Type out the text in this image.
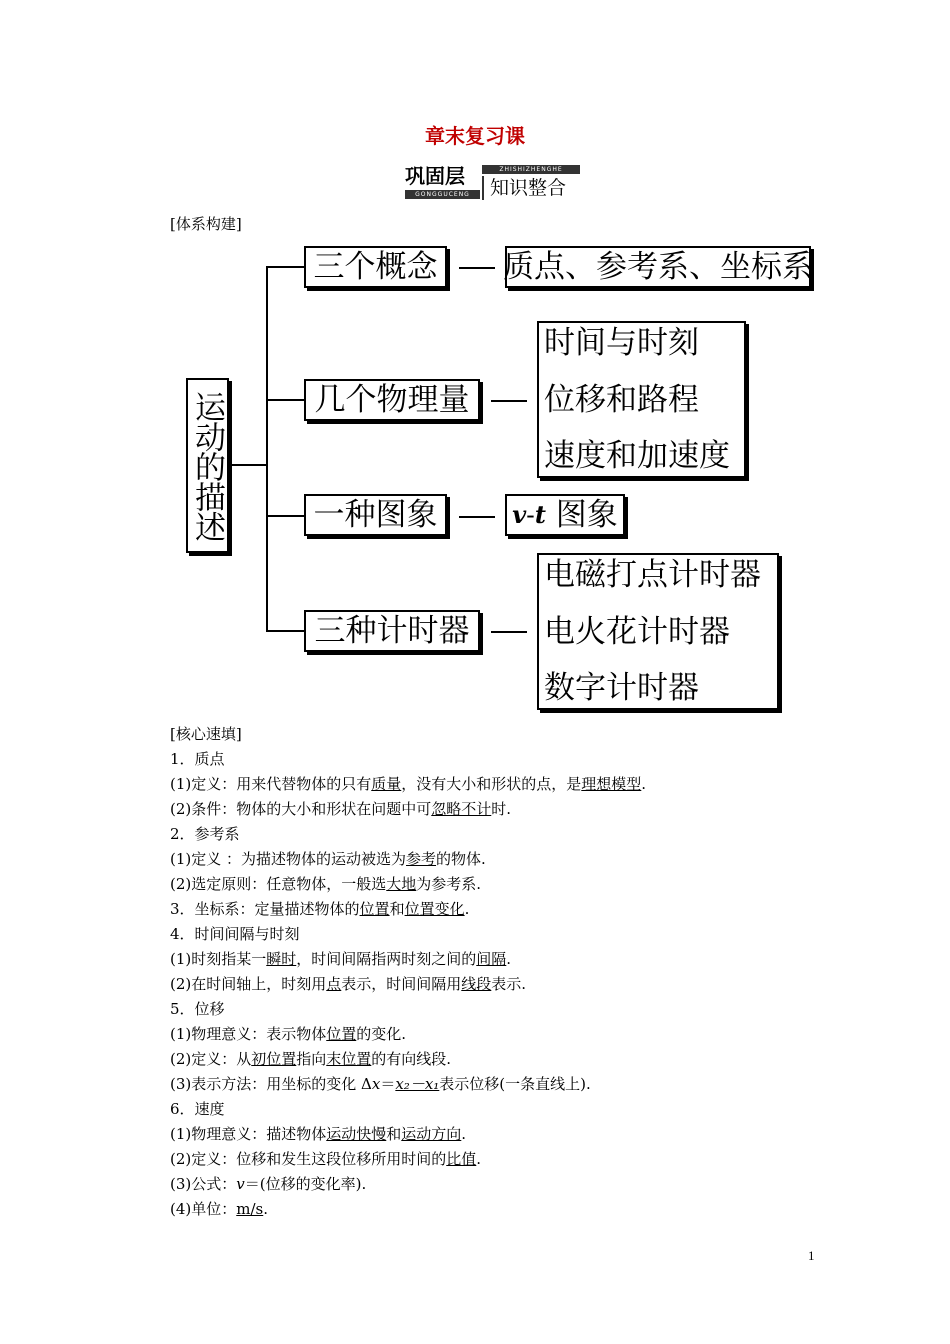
章末复习课
巩固层
GONGGUCENG
ZHISHIZHENGHE
知识整合
[体系构建]
运动的描述
三个概念	质点、参考系、坐标系
几个物理量
时间与时刻
位移和路程
速度和加速度
一种图象	v - t 图象
三种计时器
电磁打点计时器
电火花计时器
数字计时器

[核心速填]

1．质点

(1)定义：用来代替物体的只有质量，没有大小和形状的点，是理想模型.

(2)条件：物体的大小和形状在问题中可忽略不计时.

2．参考系

(1)定义 ：为描述物体的运动被选为参考的物体.

(2)选定原则：任意物体，一般选大地为参考系.

3．坐标系：定量描述物体的位置和位置变化.

4．时间间隔与时刻

(1)时刻指某一瞬时，时间间隔指两时刻之间的间隔.

(2)在时间轴上，时刻用点表示，时间间隔用线段表示.

5．位移

(1)物理意义：表示物体位置的变化.

(2)定义：从初位置指向末位置的有向线段.

(3)表示方法：用坐标的变化 Δx＝x₂－x₁表示位移(一条直线上).

6．速度

(1)物理意义：描述物体运动快慢和运动方向.

(2)定义：位移和发生这段位移所用时间的比值.

(3)公式：v＝(位移的变化率).

(4)单位：m/s.

1
